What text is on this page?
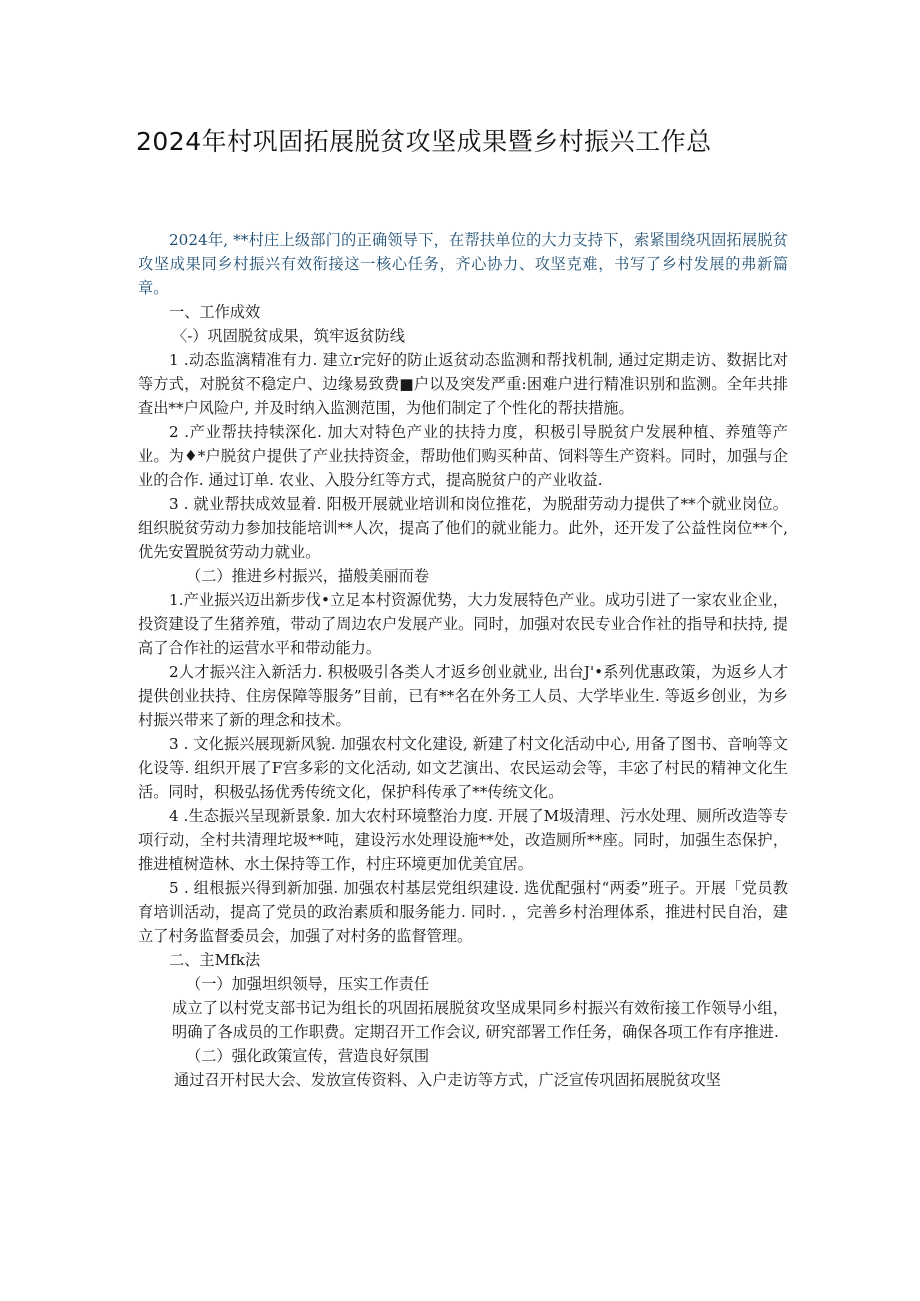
2024年村巩固拓展脱贫攻坚成果暨乡村振兴工作总

2024年, **村庄上级部门的正确领导下，在帮扶单位的大力支持下，索紧围绕巩固拓展脱贫攻坚成果同乡村振兴有效衔接这一核心任务，齐心协力、攻坚克难，书写了乡村发展的弗新篇章。

一、工作成效

〈-）巩固脱贫成果，筑牢返贫防线

1 .动态监漓精准有力. 建立r完好的防止返贫动态监测和帮找机制, 通过定期走访、数据比对等方式，对脱贫不稳定户、边缘易致费■户以及突发严重:困难户进行精准识别和监测。全年共排查出**户风险户, 并及时纳入监测范围，为他们制定了个性化的帮扶措施。

2 .产业帮扶持犊深化. 加大对特色产业的扶持力度，积极引导脱贫户发展种植、养殖等产业。为♦*户脱贫户提供了产业扶持资金，帮助他们购买种苗、饲料等生产资料。同时，加强与企业的合作. 通过订单. 农业、入股分红等方式，提高脱贫户的产业收益.

3 . 就业帮扶成效显着. 阳极开展就业培训和岗位推花，为脱甜劳动力提供了**个就业岗位。组织脱贫劳动力参加技能培训**人次，提高了他们的就业能力。此外，还开发了公益性岗位**个, 优先安置脱贫劳动力就业。

（二）推进乡村振兴，描般美丽而卷

1.产业振兴迈出新步伐•立足本村资源优势，大力发展特色产业。成功引进了一家农业企业，投资建设了生猪养殖，带动了周边农户发展产业。同时，加强对农民专业合作社的指导和扶持, 提高了合作社的运营水平和带动能力。

2人才振兴注入新活力. 积极吸引各类人才返乡创业就业, 出台J'•系列优惠政策，为返乡人才提供创业扶持、住房保障等服务”目前，已有**名在外务工人员、大学毕业生. 等返乡创业，为乡村振兴带来了新的理念和技术。

3 . 文化振兴展现新风貌. 加强农村文化建设, 新建了村文化活动中心, 用备了图书、音响等文化设等. 组织开展了F宫多彩的文化活动, 如文艺演出、农民运动会等，丰宓了村民的精神文化生活。同时，积极弘扬优秀传统文化，保护科传承了**传统文化。

4 .生态振兴呈现新景象. 加大农村环境整治力度. 开展了M圾清理、污水处理、厕所改造等专项行动，全村共清理坨圾**吨，建设污水处理设施**处，改造厕所**座。同时，加强生态保护，推进植树造林、水土保持等工作，村庄环境更加优美宜居。

5 . 组根振兴得到新加强. 加强农村基层党组织建设. 选优配强村“两委”班子。开展「党员教育培训活动，提高了党员的政治素质和服务能力. 同时. ，完善乡村治理体系，推进村民自治，建立了村务监督委员会，加强了对村务的监督管理。

二、主Mfk法

（一）加强坦织领导，压实工作责任

成立了以村党支部书记为组长的巩固拓展脱贫攻坚成果同乡村振兴有效衔接工作领导小组，明确了各成员的工作职费。定期召开工作会议, 研究部署工作任务，确保各项工作有序推进.

（二）强化政策宣传，营造良好氛围

通过召开村民大会、发放宣传资料、入户走访等方式，广泛宣传巩固拓展脱贫攻坚
